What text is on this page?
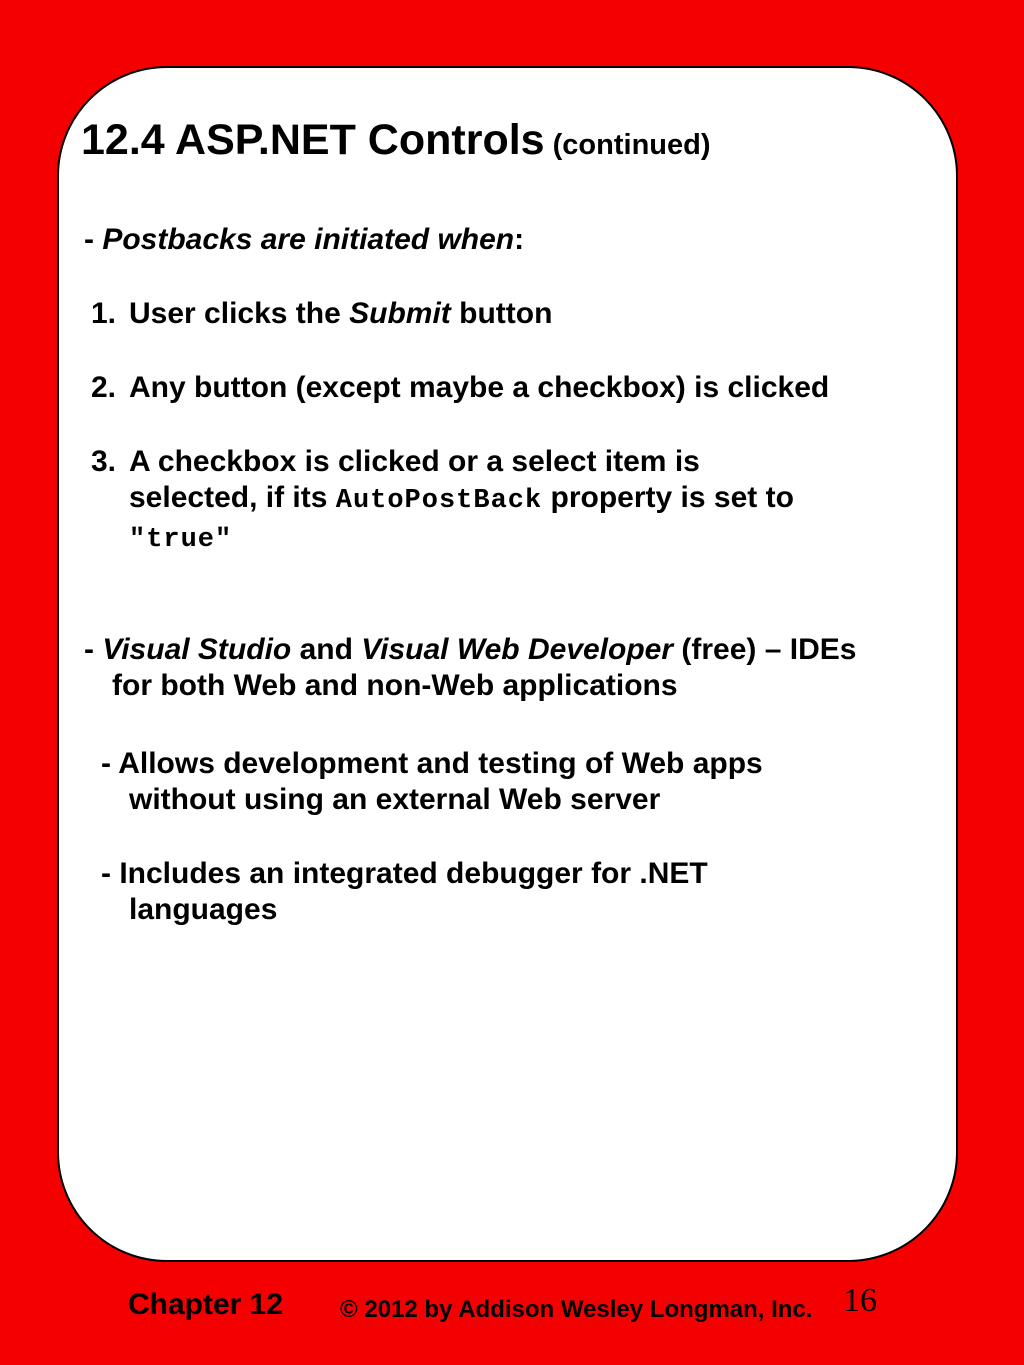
12.4 ASP.NET Controls (continued)
- Postbacks are initiated when:
1. User clicks the Submit button
2. Any button (except maybe a checkbox) is clicked
3. A checkbox is clicked or a select item is
selected, if its AutoPostBack property is set to
"true"
- Visual Studio and Visual Web Developer (free) – IDEs
for both Web and non-Web applications
- Allows development and testing of Web apps
without using an external Web server
- Includes an integrated debugger for .NET
languages
Chapter 12 © 2012 by Addison Wesley Longman, Inc. 16
